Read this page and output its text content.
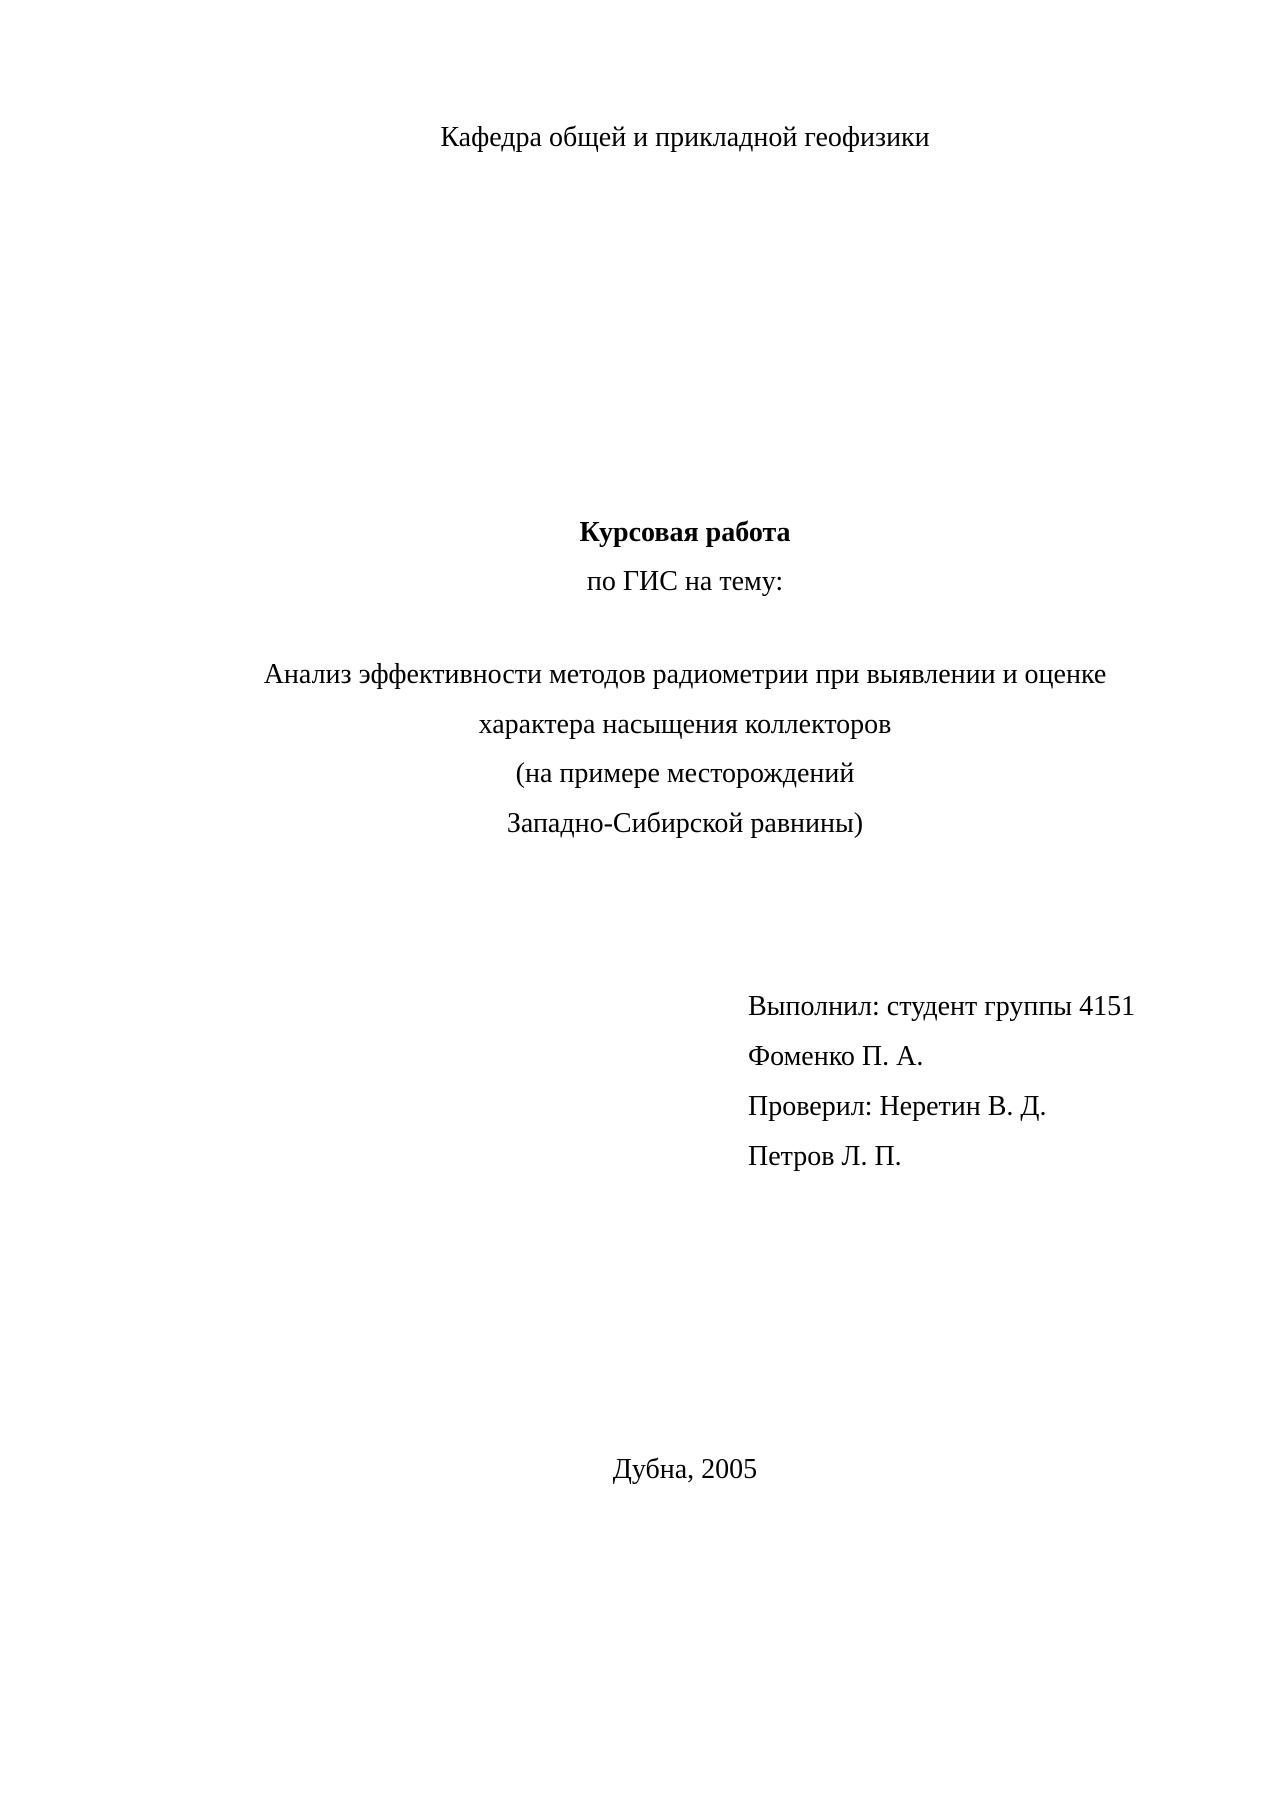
Кафедра общей и прикладной геофизики
Курсовая работа
по ГИС на тему:
Анализ эффективности методов радиометрии при выявлении и оценке
характера насыщения коллекторов
(на примере месторождений
Западно-Сибирской равнины)
Выполнил: студент группы 4151
Фоменко П. А.
Проверил: Неретин В. Д.
Петров Л. П.
Дубна, 2005
